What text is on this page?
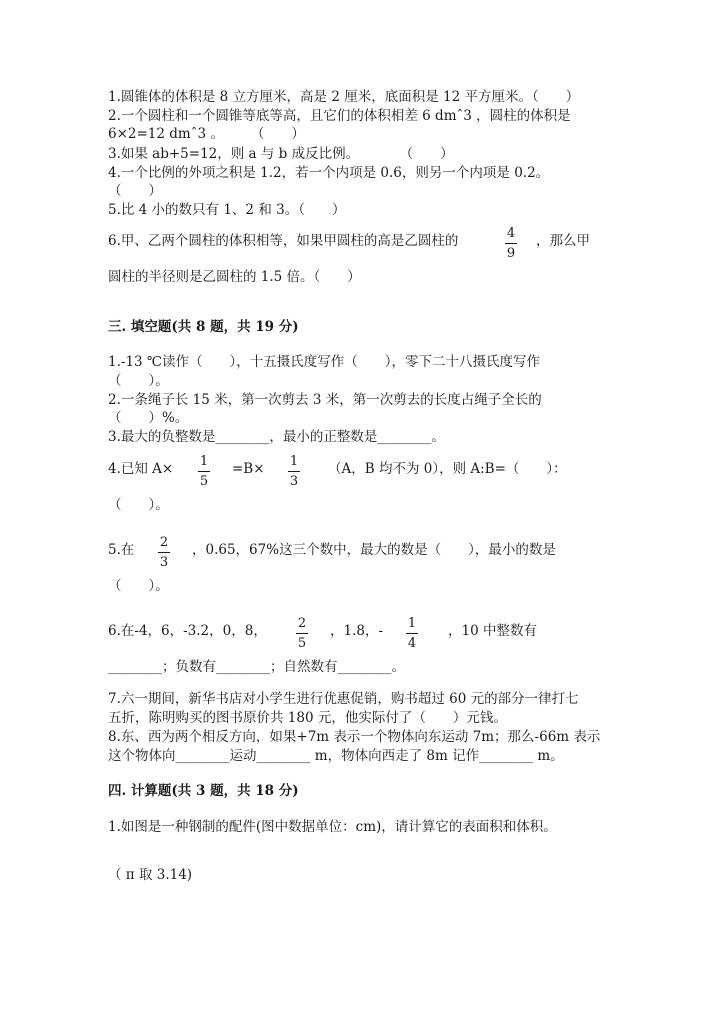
1.圆锥体的体积是 8 立方厘米，高是 2 厘米，底面积是 12 平方厘米。（　　）
2.一个圆柱和一个圆锥等底等高，且它们的体积相差 6 dmˆ3 ，圆柱的体积是
6×2=12 dmˆ3 。　　　（　　）
3.如果 ab+5=12，则 a 与 b 成反比例。　　　　（　　）
4.一个比例的外项之积是 1.2，若一个内项是 0.6，则另一个内项是 0.2。
（　　）
5.比 4 小的数只有 1、2 和 3。（　　）
6.甲、乙两个圆柱的体积相等，如果甲圆柱的高是乙圆柱的	4
9
，那么甲
圆柱的半径则是乙圆柱的 1.5 倍。（　　）
三. 填空题(共 8 题，共 19 分)
1.-13 ℃读作（　　），十五摄氏度写作（　　），零下二十八摄氏度写作
（　　）。
2.一条绳子长 15 米，第一次剪去 3 米，第一次剪去的长度占绳子全长的
（　　）%。
3.最大的负整数是________，最小的正整数是________。
4.已知 A× 1
5
=B× 1
3
（A，B 均不为 0），则 A:B=（　　）：
（　　）。
5.在 2
3
，0.65，67%这三个数中，最大的数是（　　），最小的数是
（　　）。
6.在-4，6，-3.2，0，8， 2
5
，1.8，- 1
4
，10 中整数有
________；负数有________；自然数有________。
7.六一期间，新华书店对小学生进行优惠促销，购书超过 60 元的部分一律打七
五折，陈明购买的图书原价共 180 元，他实际付了（　　）元钱。
8.东、西为两个相反方向，如果+7m 表示一个物体向东运动 7m；那么-66m 表示
这个物体向________运动________ m，物体向西走了 8m 记作________ m。
四. 计算题(共 3 题，共 18 分)
1.如图是一种钢制的配件(图中数据单位：cm)，请计算它的表面积和体积。
（ π 取 3.14)
